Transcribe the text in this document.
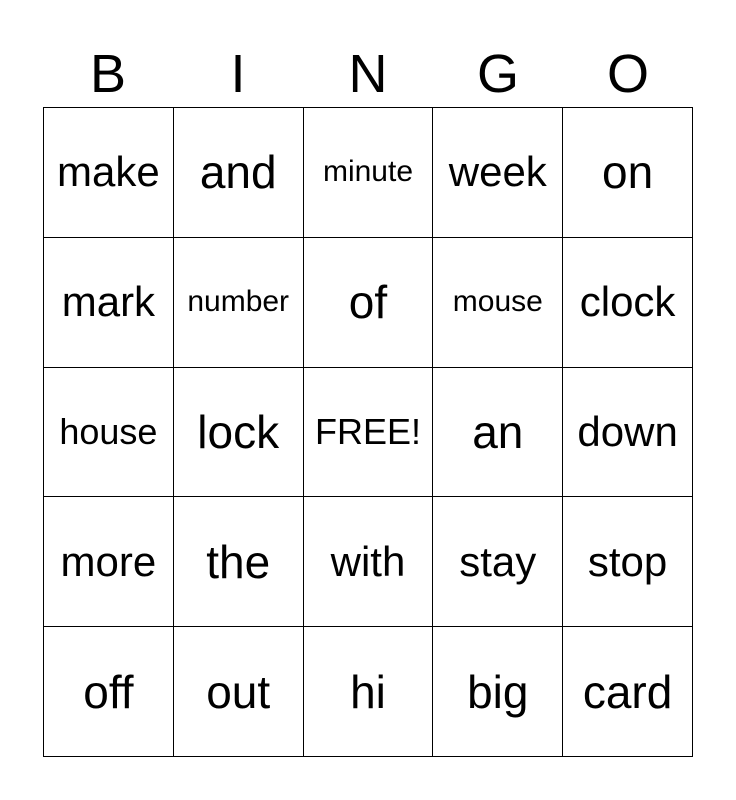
B	I	N	G	O
make and minute week on
mark number of mouse clock
house lock FREE! an down
more the with stay stop
off out hi big card
